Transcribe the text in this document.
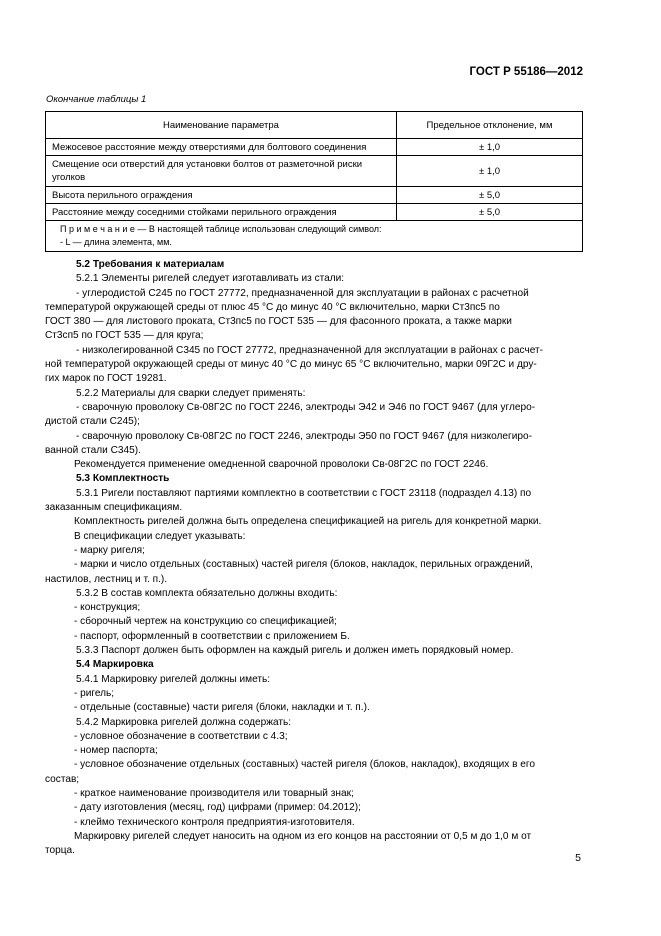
ГОСТ Р 55186—2012
Окончание таблицы 1
Наименование параметра	Предельное отклонение, мм
Межосевое расстояние между отверстиями для болтового соединения	± 1,0
Смещение оси отверстий для установки болтов от разметочной риски уголков	± 1,0
Высота перильного ограждения	± 5,0
Расстояние между соседними стойками перильного ограждения	± 5,0

П р и м е ч а н и е — В настоящей таблице использован следующий символ:
- L — длина элемента, мм.	

5.2 Требования к материалам

5.2.1 Элементы ригелей следует изготавливать из стали:

- углеродистой С245 по ГОСТ 27772, предназначенной для эксплуатации в районах с расчетной

температурой окружающей среды от плюс 45 °С до минус 40 °С включительно, марки Ст3пс5 по

ГОСТ 380 — для листового проката, Ст3пс5 по ГОСТ 535 — для фасонного проката, а также марки

Ст3сп5 по ГОСТ 535 — для круга;

- низколегированной С345 по ГОСТ 27772, предназначенной для эксплуатации в районах с расчет-

ной температурой окружающей среды от минус 40 °С до минус 65 °С включительно, марки 09Г2С и дру-

гих марок по ГОСТ 19281.

5.2.2 Материалы для сварки следует применять:

- сварочную проволоку Св-08Г2С по ГОСТ 2246, электроды Э42 и Э46 по ГОСТ 9467 (для углеро-

дистой стали С245);

- сварочную проволоку Св-08Г2С по ГОСТ 2246, электроды Э50 по ГОСТ 9467 (для низколегиро-

ванной стали С345).

Рекомендуется применение омедненной сварочной проволоки Св-08Г2С по ГОСТ 2246.

5.3 Комплектность

5.3.1 Ригели поставляют партиями комплектно в соответствии с ГОСТ 23118 (подраздел 4.13) по

заказанным спецификациям.

Комплектность ригелей должна быть определена спецификацией на ригель для конкретной марки.

В спецификации следует указывать:

- марку ригеля;

- марки и число отдельных (составных) частей ригеля (блоков, накладок, перильных ограждений,

настилов, лестниц и т. п.).

5.3.2 В состав комплекта обязательно должны входить:

- конструкция;

- сборочный чертеж на конструкцию со спецификацией;

- паспорт, оформленный в соответствии с приложением Б.

5.3.3 Паспорт должен быть оформлен на каждый ригель и должен иметь порядковый номер.

5.4 Маркировка

5.4.1 Маркировку ригелей должны иметь:

- ригель;

- отдельные (составные) части ригеля (блоки, накладки и т. п.).

5.4.2 Маркировка ригелей должна содержать:

- условное обозначение в соответствии с 4.3;

- номер паспорта;

- условное обозначение отдельных (составных) частей ригеля (блоков, накладок), входящих в его

состав;

- краткое наименование производителя или товарный знак;

- дату изготовления (месяц, год) цифрами (пример: 04.2012);

- клеймо технического контроля предприятия-изготовителя.

Маркировку ригелей следует наносить на одном из его концов на расстоянии от 0,5 м до 1,0 м от

торца.

5
